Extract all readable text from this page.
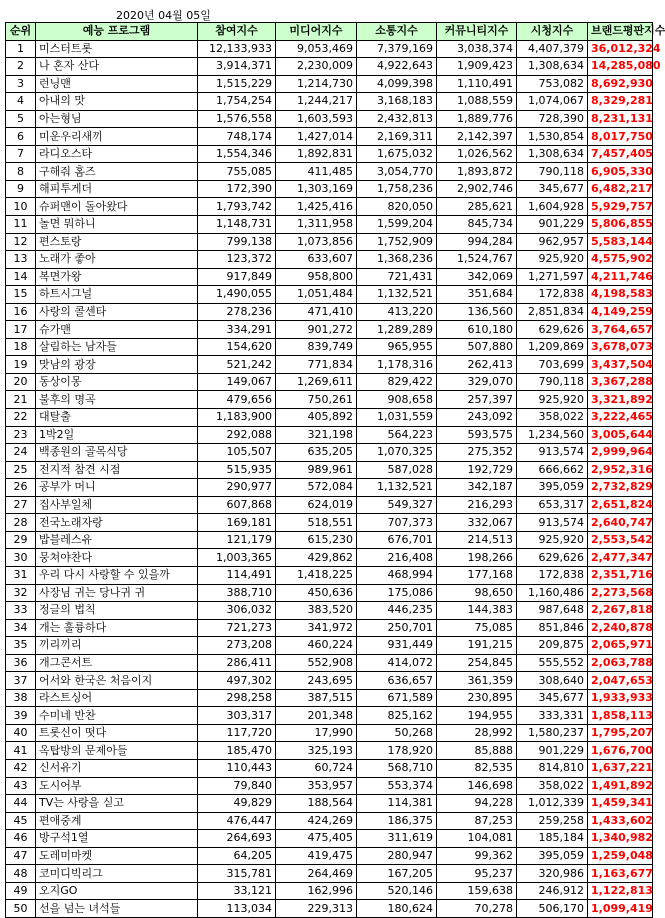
2020년 04월 05일
순위	예능 프로그램	참여지수	미디어지수	소통지수	커뮤니티지수	시청지수	브랜드평판지수
1	미스터트롯	12,133,933	9,053,469	7,379,169	3,038,374	4,407,379	36,012,324
2	나 혼자 산다	3,914,371	2,230,009	4,922,643	1,909,423	1,308,634	14,285,080
3	런닝맨	1,515,229	1,214,730	4,099,398	1,110,491	753,082	8,692,930
4	아내의 맛	1,754,254	1,244,217	3,168,183	1,088,559	1,074,067	8,329,281
5	아는형님	1,576,558	1,603,593	2,432,813	1,889,776	728,390	8,231,131
6	미운우리새끼	748,174	1,427,014	2,169,311	2,142,397	1,530,854	8,017,750
7	라디오스타	1,554,346	1,892,831	1,675,032	1,026,562	1,308,634	7,457,405
8	구해줘 홈즈	755,085	411,485	3,054,770	1,893,872	790,118	6,905,330
9	해피투게더	172,390	1,303,169	1,758,236	2,902,746	345,677	6,482,217
10	슈퍼맨이 돌아왔다	1,793,742	1,425,416	820,050	285,621	1,604,928	5,929,757
11	놀면 뭐하니	1,148,731	1,311,958	1,599,204	845,734	901,229	5,806,855
12	편스토랑	799,138	1,073,856	1,752,909	994,284	962,957	5,583,144
13	노래가 좋아	123,372	633,607	1,368,236	1,524,767	925,920	4,575,902
14	복면가왕	917,849	958,800	721,431	342,069	1,271,597	4,211,746
15	하트시그널	1,490,055	1,051,484	1,132,521	351,684	172,838	4,198,583
16	사랑의 콜센타	278,236	471,410	413,220	136,560	2,851,834	4,149,259
17	슈가맨	334,291	901,272	1,289,289	610,180	629,626	3,764,657
18	살림하는 남자들	154,620	839,749	965,955	507,880	1,209,869	3,678,073
19	맛남의 광장	521,242	771,834	1,178,316	262,413	703,699	3,437,504
20	동상이몽	149,067	1,269,611	829,422	329,070	790,118	3,367,288
21	불후의 명곡	479,656	750,261	908,658	257,397	925,920	3,321,892
22	대탈출	1,183,900	405,892	1,031,559	243,092	358,022	3,222,465
23	1박2일	292,088	321,198	564,223	593,575	1,234,560	3,005,644
24	백종원의 골목식당	105,507	635,205	1,070,325	275,352	913,574	2,999,964
25	전지적 참견 시점	515,935	989,961	587,028	192,729	666,662	2,952,316
26	공부가 머니	290,977	572,084	1,132,521	342,187	395,059	2,732,829
27	집사부일체	607,868	624,019	549,327	216,293	653,317	2,651,824
28	전국노래자랑	169,181	518,551	707,373	332,067	913,574	2,640,747
29	밥블레스유	121,179	615,230	676,701	214,513	925,920	2,553,542
30	뭉쳐야찬다	1,003,365	429,862	216,408	198,266	629,626	2,477,347
31	우리 다시 사랑할 수 있을까	114,491	1,418,225	468,994	177,168	172,838	2,351,716
32	사장님 귀는 당나귀 귀	388,710	450,636	175,086	98,650	1,160,486	2,273,568
33	정글의 법칙	306,032	383,520	446,235	144,383	987,648	2,267,818
34	개는 훌륭하다	721,273	341,972	250,701	75,085	851,846	2,240,878
35	끼리끼리	273,208	460,224	931,449	191,215	209,875	2,065,971
36	개그콘서트	286,411	552,908	414,072	254,845	555,552	2,063,788
37	어서와 한국은 처음이지	497,302	243,695	636,657	361,359	308,640	2,047,653
38	라스트싱어	298,258	387,515	671,589	230,895	345,677	1,933,933
39	수미네 반찬	303,317	201,348	825,162	194,955	333,331	1,858,113
40	트롯신이 떳다	117,720	17,990	50,268	28,992	1,580,237	1,795,207
41	옥탑방의 문제아들	185,470	325,193	178,920	85,888	901,229	1,676,700
42	신서유기	110,443	60,724	568,710	82,535	814,810	1,637,221
43	도시어부	79,840	353,957	553,374	146,698	358,022	1,491,892
44	TV는 사랑을 싣고	49,829	188,564	114,381	94,228	1,012,339	1,459,341
45	편애중계	476,447	424,269	186,375	87,253	259,258	1,433,602
46	방구석1열	264,693	475,405	311,619	104,081	185,184	1,340,982
47	도레미마켓	64,205	419,475	280,947	99,362	395,059	1,259,048
48	코미디빅리그	315,781	264,469	167,205	95,237	320,986	1,163,677
49	오지GO	33,121	162,996	520,146	159,638	246,912	1,122,813
50	선을 넘는 녀석들	113,034	229,313	180,624	70,278	506,170	1,099,419
